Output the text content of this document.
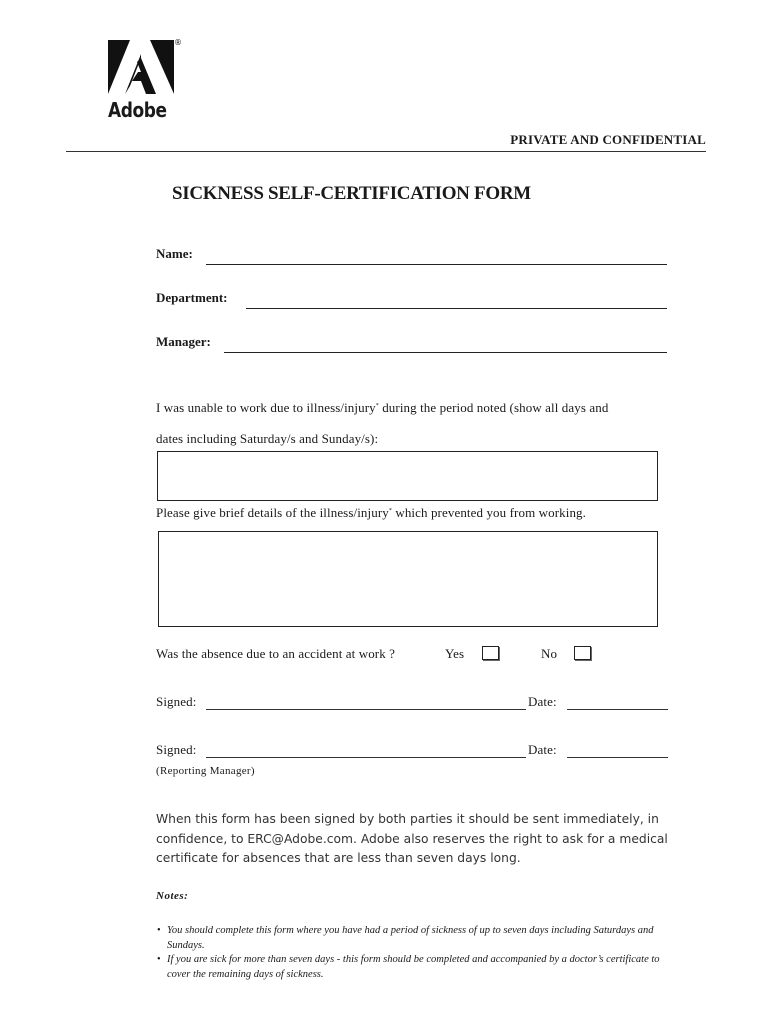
®
Adobe
PRIVATE AND CONFIDENTIAL
SICKNESS SELF-CERTIFICATION FORM
Name:
Department:
Manager:
I was unable to work due to illness/injury* during the period noted (show all days and
dates including Saturday/s and Sunday/s):
Please give brief details of the illness/injury* which prevented you from working.
Was the absence due to an accident at work ?	Yes	No
Signed:	Date:
Signed:	Date:
(Reporting Manager)
When this form has been signed by both parties it should be sent immediately, in confidence, to ERC@Adobe.com. Adobe also reserves the right to ask for a medical certificate for absences that are less than seven days long.
Notes:
• You should complete this form where you have had a period of sickness of up to seven days including Saturdays and Sundays.
• If you are sick for more than seven days - this form should be completed and accompanied by a doctor’s certificate to cover the remaining days of sickness.
